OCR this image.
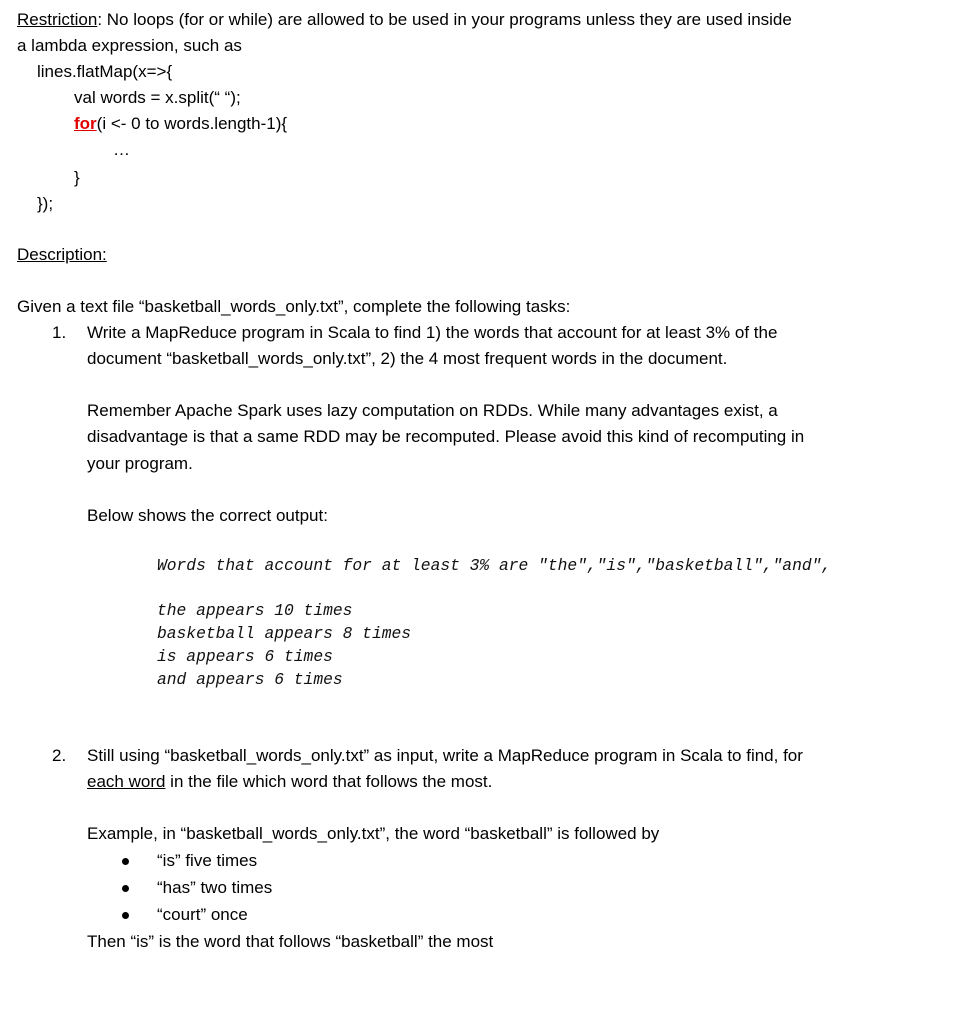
Restriction: No loops (for or while) are allowed to be used in your programs unless they are used inside
a lambda expression, such as
lines.flatMap(x=>{
val words = x.split(“ “);
for(i <- 0 to words.length-1){
…
}
});
Description:
Given a text file “basketball_words_only.txt”, complete the following tasks:
1. Write a MapReduce program in Scala to find 1) the words that account for at least 3% of the
document “basketball_words_only.txt”, 2) the 4 most frequent words in the document.
Remember Apache Spark uses lazy computation on RDDs. While many advantages exist, a
disadvantage is that a same RDD may be recomputed. Please avoid this kind of recomputing in
your program.
Below shows the correct output:
Words that account for at least 3% are "the","is","basketball","and",
the appears 10 times
basketball appears 8 times
is appears 6 times
and appears 6 times
2. Still using “basketball_words_only.txt” as input, write a MapReduce program in Scala to find, for
each word in the file which word that follows the most.
Example, in “basketball_words_only.txt”, the word “basketball” is followed by
“is” five times
“has” two times
“court” once
Then “is” is the word that follows “basketball” the most
